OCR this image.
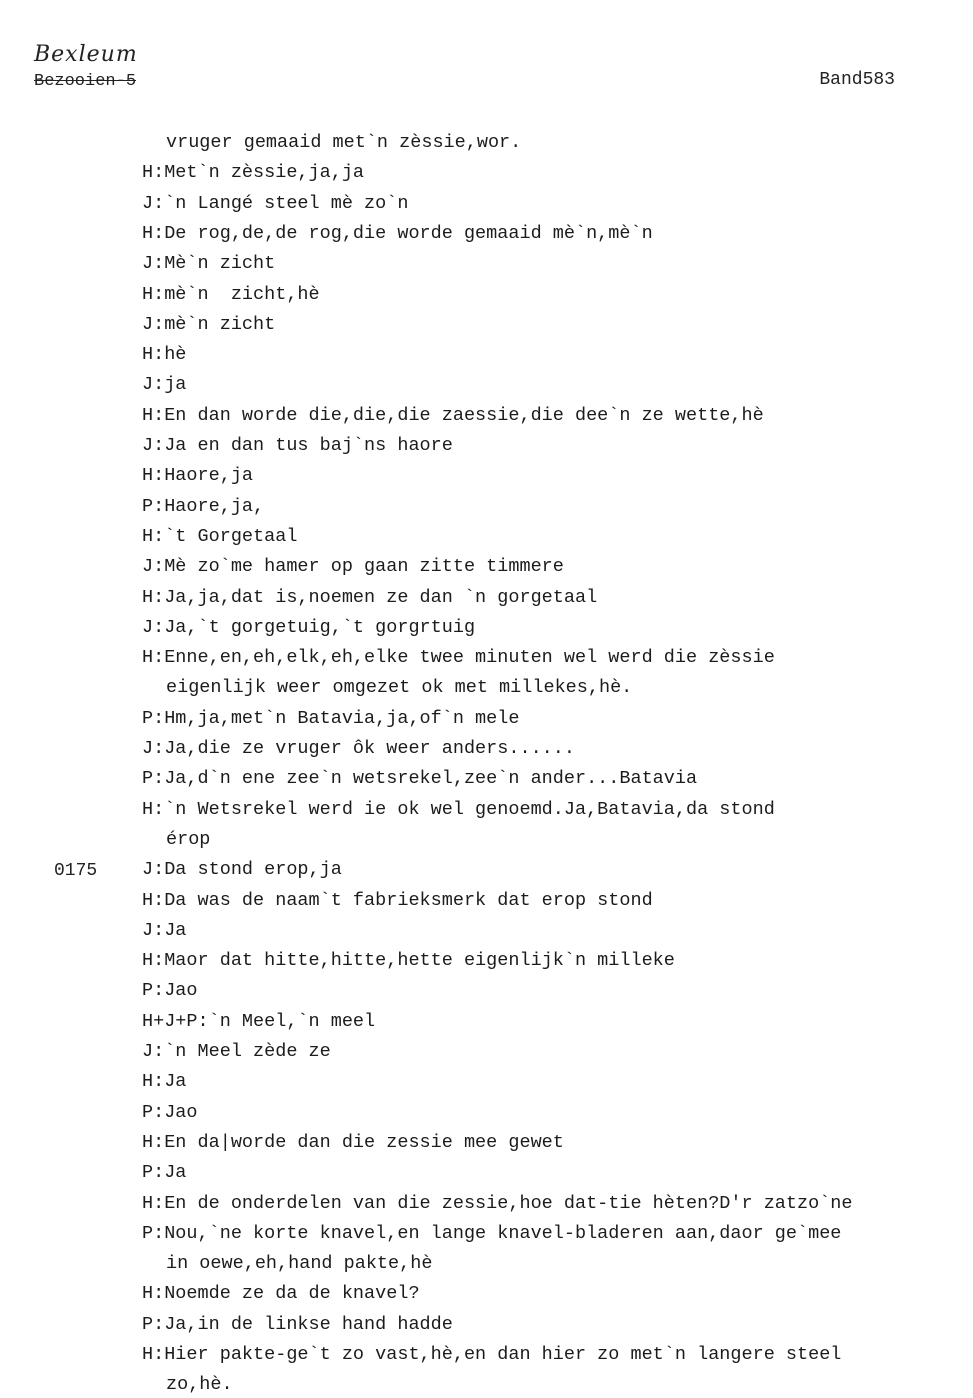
Bexleum
Bezooien-5	Band583
0175
vruger gemaaid met`n zèssie,wor.
H:Met`n zèssie,ja,ja
J:`n Langé steel mè zo`n
H:De rog,de,de rog,die worde gemaaid mè`n,mè`n
J:Mè`n zicht
H:mè`n  zicht,hè
J:mè`n zicht
H:hè
J:ja
H:En dan worde die,die,die zaessie,die dee`n ze wette,hè
J:Ja en dan tus baj`ns haore
H:Haore,ja
P:Haore,ja,
H:`t Gorgetaal
J:Mè zo`me hamer op gaan zitte timmere
H:Ja,ja,dat is,noemen ze dan `n gorgetaal
J:Ja,`t gorgetuig,`t gorgrtuig
H:Enne,en,eh,elk,eh,elke twee minuten wel werd die zèssie
eigenlijk weer omgezet ok met millekes,hè.
P:Hm,ja,met`n Batavia,ja,of`n mele
J:Ja,die ze vruger ôk weer anders......
P:Ja,d`n ene zee`n wetsrekel,zee`n ander...Batavia
H:`n Wetsrekel werd ie ok wel genoemd.Ja,Batavia,da stond
érop
J:Da stond erop,ja
H:Da was de naam`t fabrieksmerk dat erop stond
J:Ja
H:Maor dat hitte,hitte,hette eigenlijk`n milleke
P:Jao
H+J+P:`n Meel,`n meel
J:`n Meel zède ze
H:Ja
P:Jao
H:En da|worde dan die zessie mee gewet
P:Ja
H:En de onderdelen van die zessie,hoe dat-tie hèten?D'r zatzo`ne
P:Nou,`ne korte knavel,en lange knavel-bladeren aan,daor ge`mee
in oewe,eh,hand pakte,hè
H:Noemde ze da de knavel?
P:Ja,in de linkse hand hadde
H:Hier pakte-ge`t zo vast,hè,en dan hier zo met`n langere steel
zo,hè.
